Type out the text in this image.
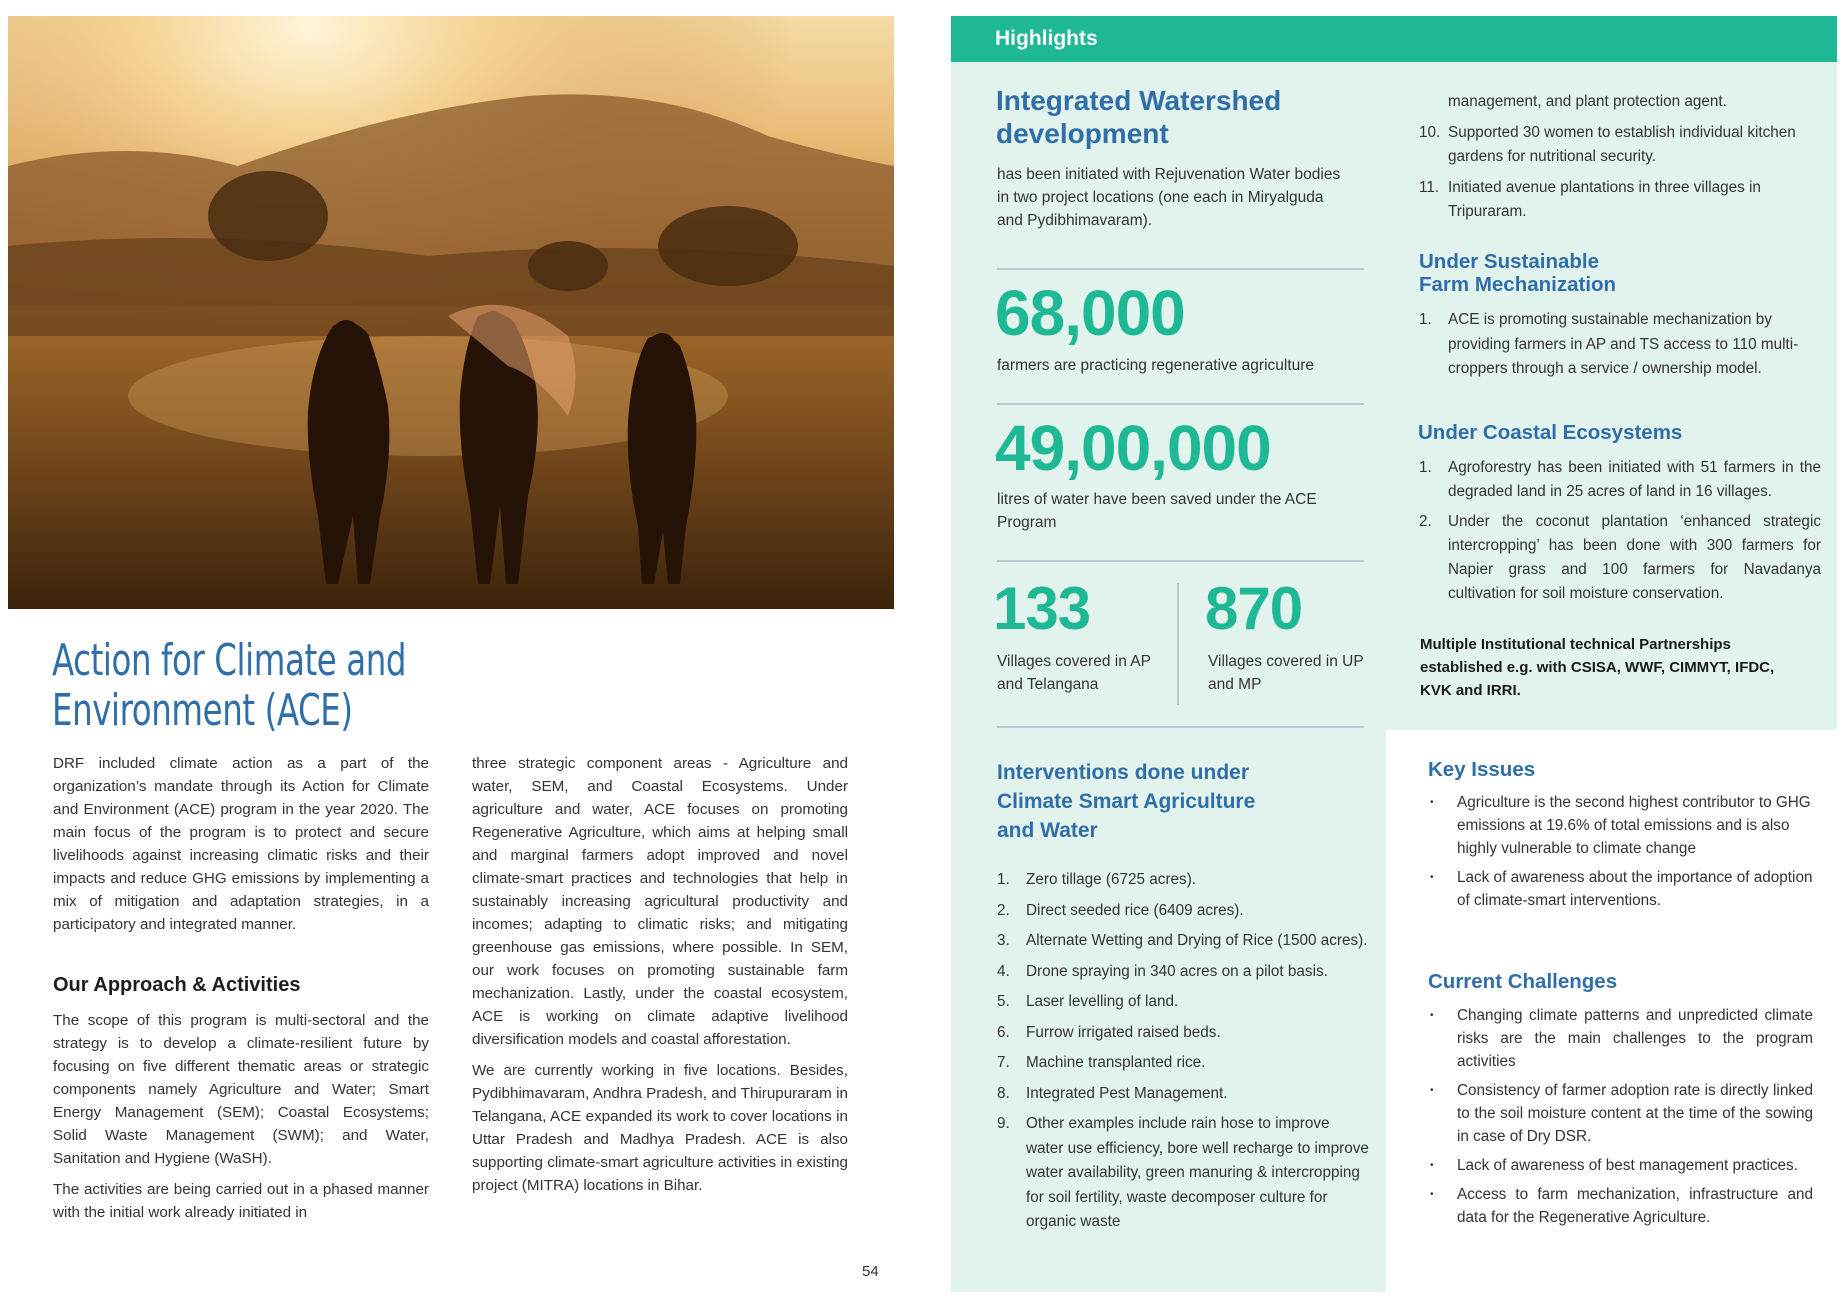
Action for Climate and
Environment (ACE)

DRF included climate action as a part of the organization’s mandate through its Action for Climate and Environment (ACE) program in the year 2020. The main focus of the program is to protect and secure livelihoods against increasing climatic risks and their impacts and reduce GHG emissions by implementing a mix of mitigation and adaptation strategies, in a participatory and integrated manner.

Our Approach & Activities

The scope of this program is multi-sectoral and the strategy is to develop a climate-resilient future by focusing on five different thematic areas or strategic components namely Agriculture and Water; Smart Energy Management (SEM); Coastal Ecosystems; Solid Waste Management (SWM); and Water, Sanitation and Hygiene (WaSH).

The activities are being carried out in a phased manner with the initial work already initiated in

three strategic component areas - Agriculture and water, SEM, and Coastal Ecosystems. Under agriculture and water, ACE focuses on promoting Regenerative Agriculture, which aims at helping small and marginal farmers adopt improved and novel climate-smart practices and technologies that help in sustainably increasing agricultural productivity and incomes; adapting to climatic risks; and mitigating greenhouse gas emissions, where possible. In SEM, our work focuses on promoting sustainable farm mechanization. Lastly, under the coastal ecosystem, ACE is working on climate adaptive livelihood diversification models and coastal afforestation.

We are currently working in five locations. Besides, Pydibhimavaram, Andhra Pradesh, and Thirupuraram in Telangana, ACE expanded its work to cover locations in Uttar Pradesh and Madhya Pradesh. ACE is also supporting climate-smart agriculture activities in existing project (MITRA) locations in Bihar.

54
Highlights
Integrated Watershed
development
has been initiated with Rejuvenation Water bodies in two project locations (one each in Miryalguda and Pydibhimavaram).
68,000
farmers are practicing regenerative agriculture
49,00,000
litres of water have been saved under the ACE Program
133
Villages covered in AP and Telangana
870
Villages covered in UP and MP
Interventions done under
Climate Smart Agriculture
and Water
1. Zero tillage (6725 acres).
2. Direct seeded rice (6409 acres).
3. Alternate Wetting and Drying of Rice (1500 acres).
4. Drone spraying in 340 acres on a pilot basis.
5. Laser levelling of land.
6. Furrow irrigated raised beds.
7. Machine transplanted rice.
8. Integrated Pest Management.
9. Other examples include rain hose to improve water use efficiency, bore well recharge to improve water availability, green manuring & intercropping for soil fertility, waste decomposer culture for organic waste
management, and plant protection agent.
10. Supported 30 women to establish individual kitchen gardens for nutritional security.
11. Initiated avenue plantations in three villages in Tripuraram.
Under Sustainable
Farm Mechanization
1. ACE is promoting sustainable mechanization by providing farmers in AP and TS access to 110 multi-croppers through a service / ownership model.
Under Coastal Ecosystems
1. Agroforestry has been initiated with 51 farmers in the degraded land in 25 acres of land in 16 villages.
2. Under the coconut plantation ‘enhanced strategic intercropping’ has been done with 300 farmers for Napier grass and 100 farmers for Navadanya cultivation for soil moisture conservation.
Multiple Institutional technical Partnerships established e.g. with CSISA, WWF, CIMMYT, IFDC, KVK and IRRI.
Key Issues
• Agriculture is the second highest contributor to GHG emissions at 19.6% of total emissions and is also highly vulnerable to climate change
• Lack of awareness about the importance of adoption of climate-smart interventions.
Current Challenges
• Changing climate patterns and unpredicted climate risks are the main challenges to the program activities
• Consistency of farmer adoption rate is directly linked to the soil moisture content at the time of the sowing in case of Dry DSR.
• Lack of awareness of best management practices.
• Access to farm mechanization, infrastructure and data for the Regenerative Agriculture.
